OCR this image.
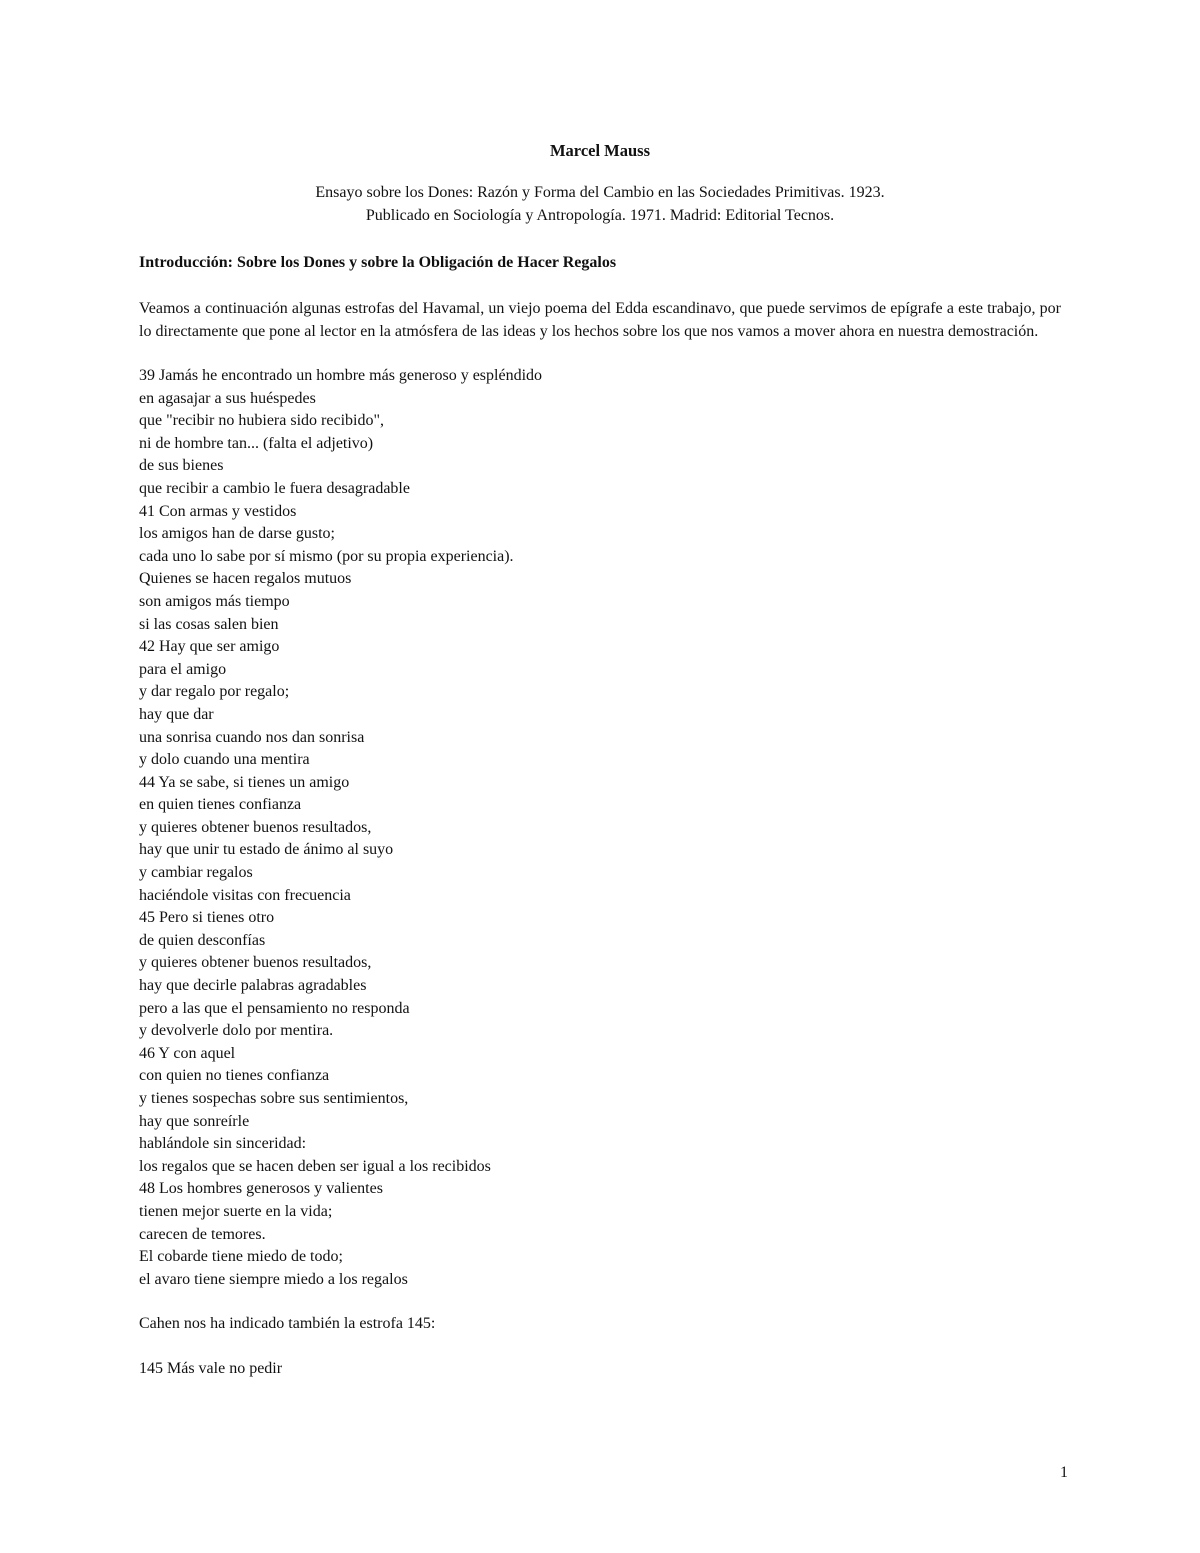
Marcel Mauss

Ensayo sobre los Dones: Razón y Forma del Cambio en las Sociedades Primitivas. 1923.
Publicado en Sociología y Antropología. 1971. Madrid: Editorial Tecnos.

Introducción: Sobre los Dones y sobre la Obligación de Hacer Regalos

Veamos a continuación algunas estrofas del Havamal, un viejo poema del Edda escandinavo, que puede servimos de epígrafe a este trabajo, por lo directamente que pone al lector en la atmósfera de las ideas y los hechos sobre los que nos vamos a mover ahora en nuestra demostración.

39 Jamás he encontrado un hombre más generoso y espléndido
en agasajar a sus huéspedes
que "recibir no hubiera sido recibido",
ni de hombre tan... (falta el adjetivo)
de sus bienes
que recibir a cambio le fuera desagradable
41 Con armas y vestidos
los amigos han de darse gusto;
cada uno lo sabe por sí mismo (por su propia experiencia).
Quienes se hacen regalos mutuos
son amigos más tiempo
si las cosas salen bien
42 Hay que ser amigo
para el amigo
y dar regalo por regalo;
hay que dar
una sonrisa cuando nos dan sonrisa
y dolo cuando una mentira
44 Ya se sabe, si tienes un amigo
en quien tienes confianza
y quieres obtener buenos resultados,
hay que unir tu estado de ánimo al suyo
y cambiar regalos
haciéndole visitas con frecuencia
45 Pero si tienes otro
de quien desconfías
y quieres obtener buenos resultados,
hay que decirle palabras agradables
pero a las que el pensamiento no responda
y devolverle dolo por mentira.
46 Y con aquel
con quien no tienes confianza
y tienes sospechas sobre sus sentimientos,
hay que sonreírle
hablándole sin sinceridad:
los regalos que se hacen deben ser igual a los recibidos
48 Los hombres generosos y valientes
tienen mejor suerte en la vida;
carecen de temores.
El cobarde tiene miedo de todo;
el avaro tiene siempre miedo a los regalos

Cahen nos ha indicado también la estrofa 145:

145 Más vale no pedir

1
